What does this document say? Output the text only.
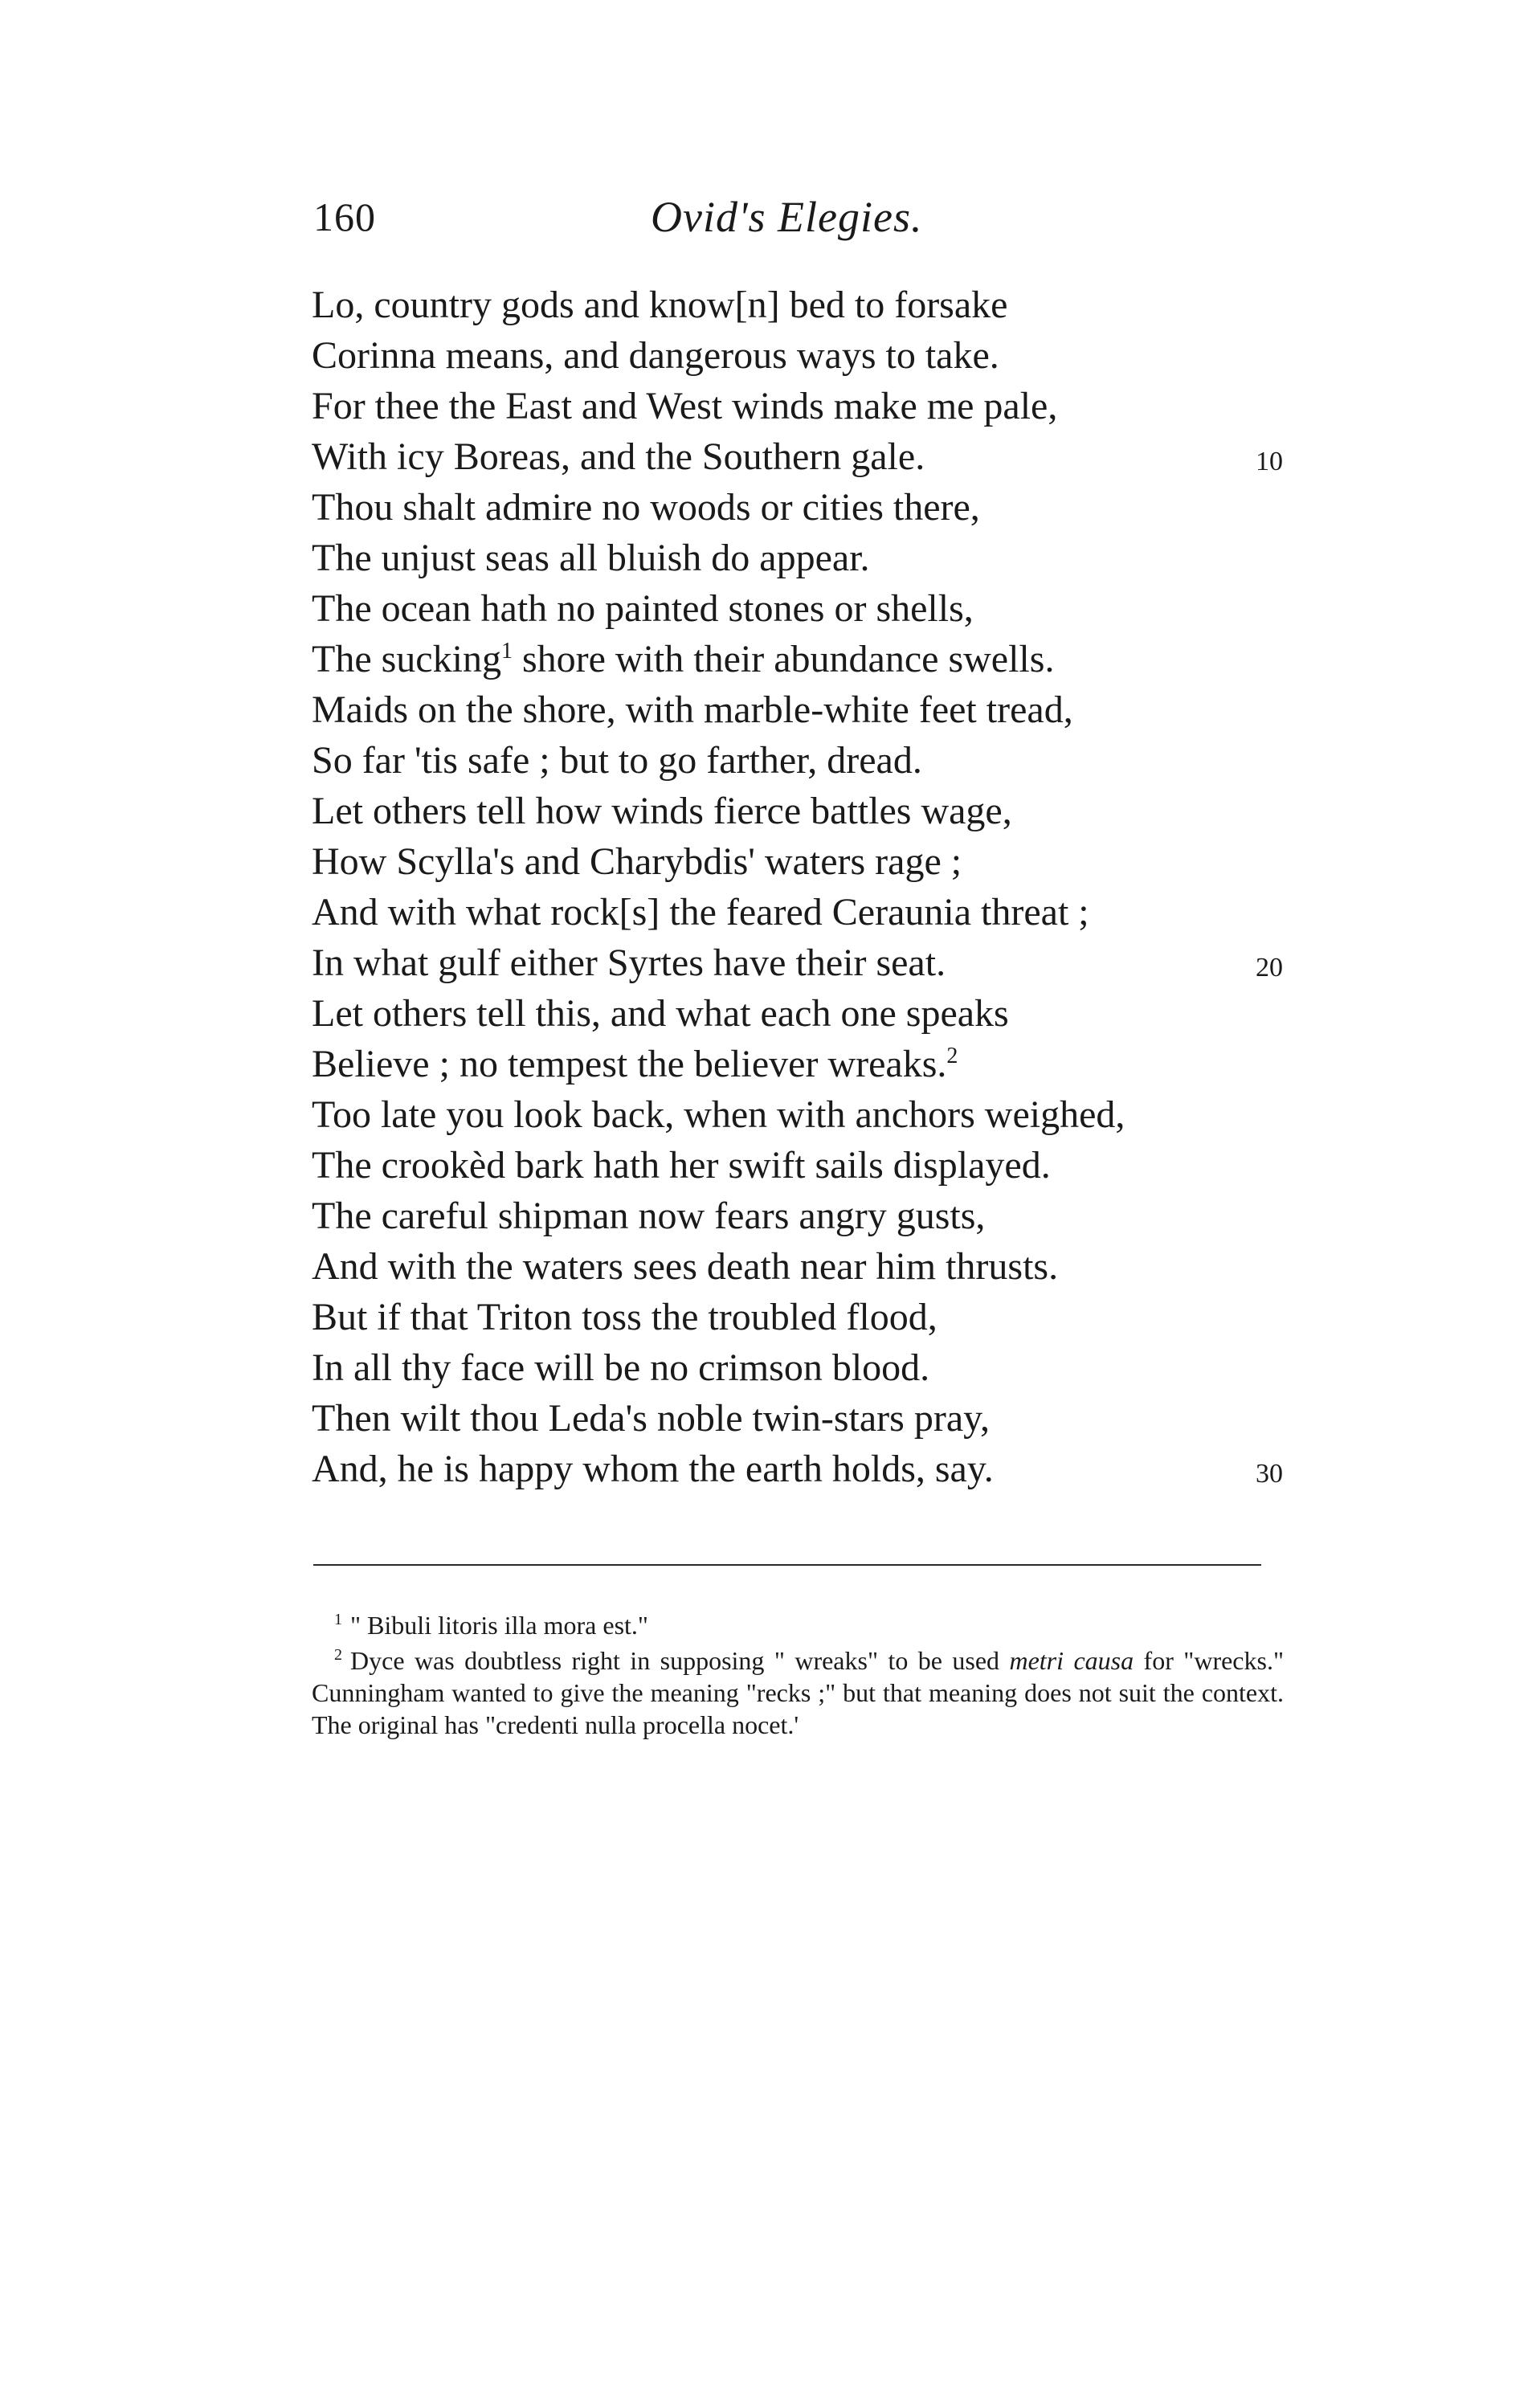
160	Ovid's Elegies.
Lo, country gods and know[n] bed to forsake
Corinna means, and dangerous ways to take.
For thee the East and West winds make me pale,
With icy Boreas, and the Southern gale.	10
Thou shalt admire no woods or cities there,
The unjust seas all bluish do appear.
The ocean hath no painted stones or shells,
The sucking$^1$ shore with their abundance swells.
Maids on the shore, with marble-white feet tread,
So far 'tis safe ; but to go farther, dread.
Let others tell how winds fierce battles wage,
How Scylla's and Charybdis' waters rage ;
And with what rock[s] the feared Ceraunia threat ;
In what gulf either Syrtes have their seat.	20
Let others tell this, and what each one speaks
Believe ; no tempest the believer wreaks.$^2$
Too late you look back, when with anchors weighed,
The crookèd bark hath her swift sails displayed.
The careful shipman now fears angry gusts,
And with the waters sees death near him thrusts.
But if that Triton toss the troubled flood,
In all thy face will be no crimson blood.
Then wilt thou Leda's noble twin-stars pray,
And, he is happy whom the earth holds, say.	30

$^1$ " Bibuli litoris illa mora est."

$^2$ Dyce was doubtless right in supposing " wreaks" to be used metri causa for "wrecks." Cunningham wanted to give the meaning "recks ;" but that meaning does not suit the context. The original has "credenti nulla procella nocet.'
